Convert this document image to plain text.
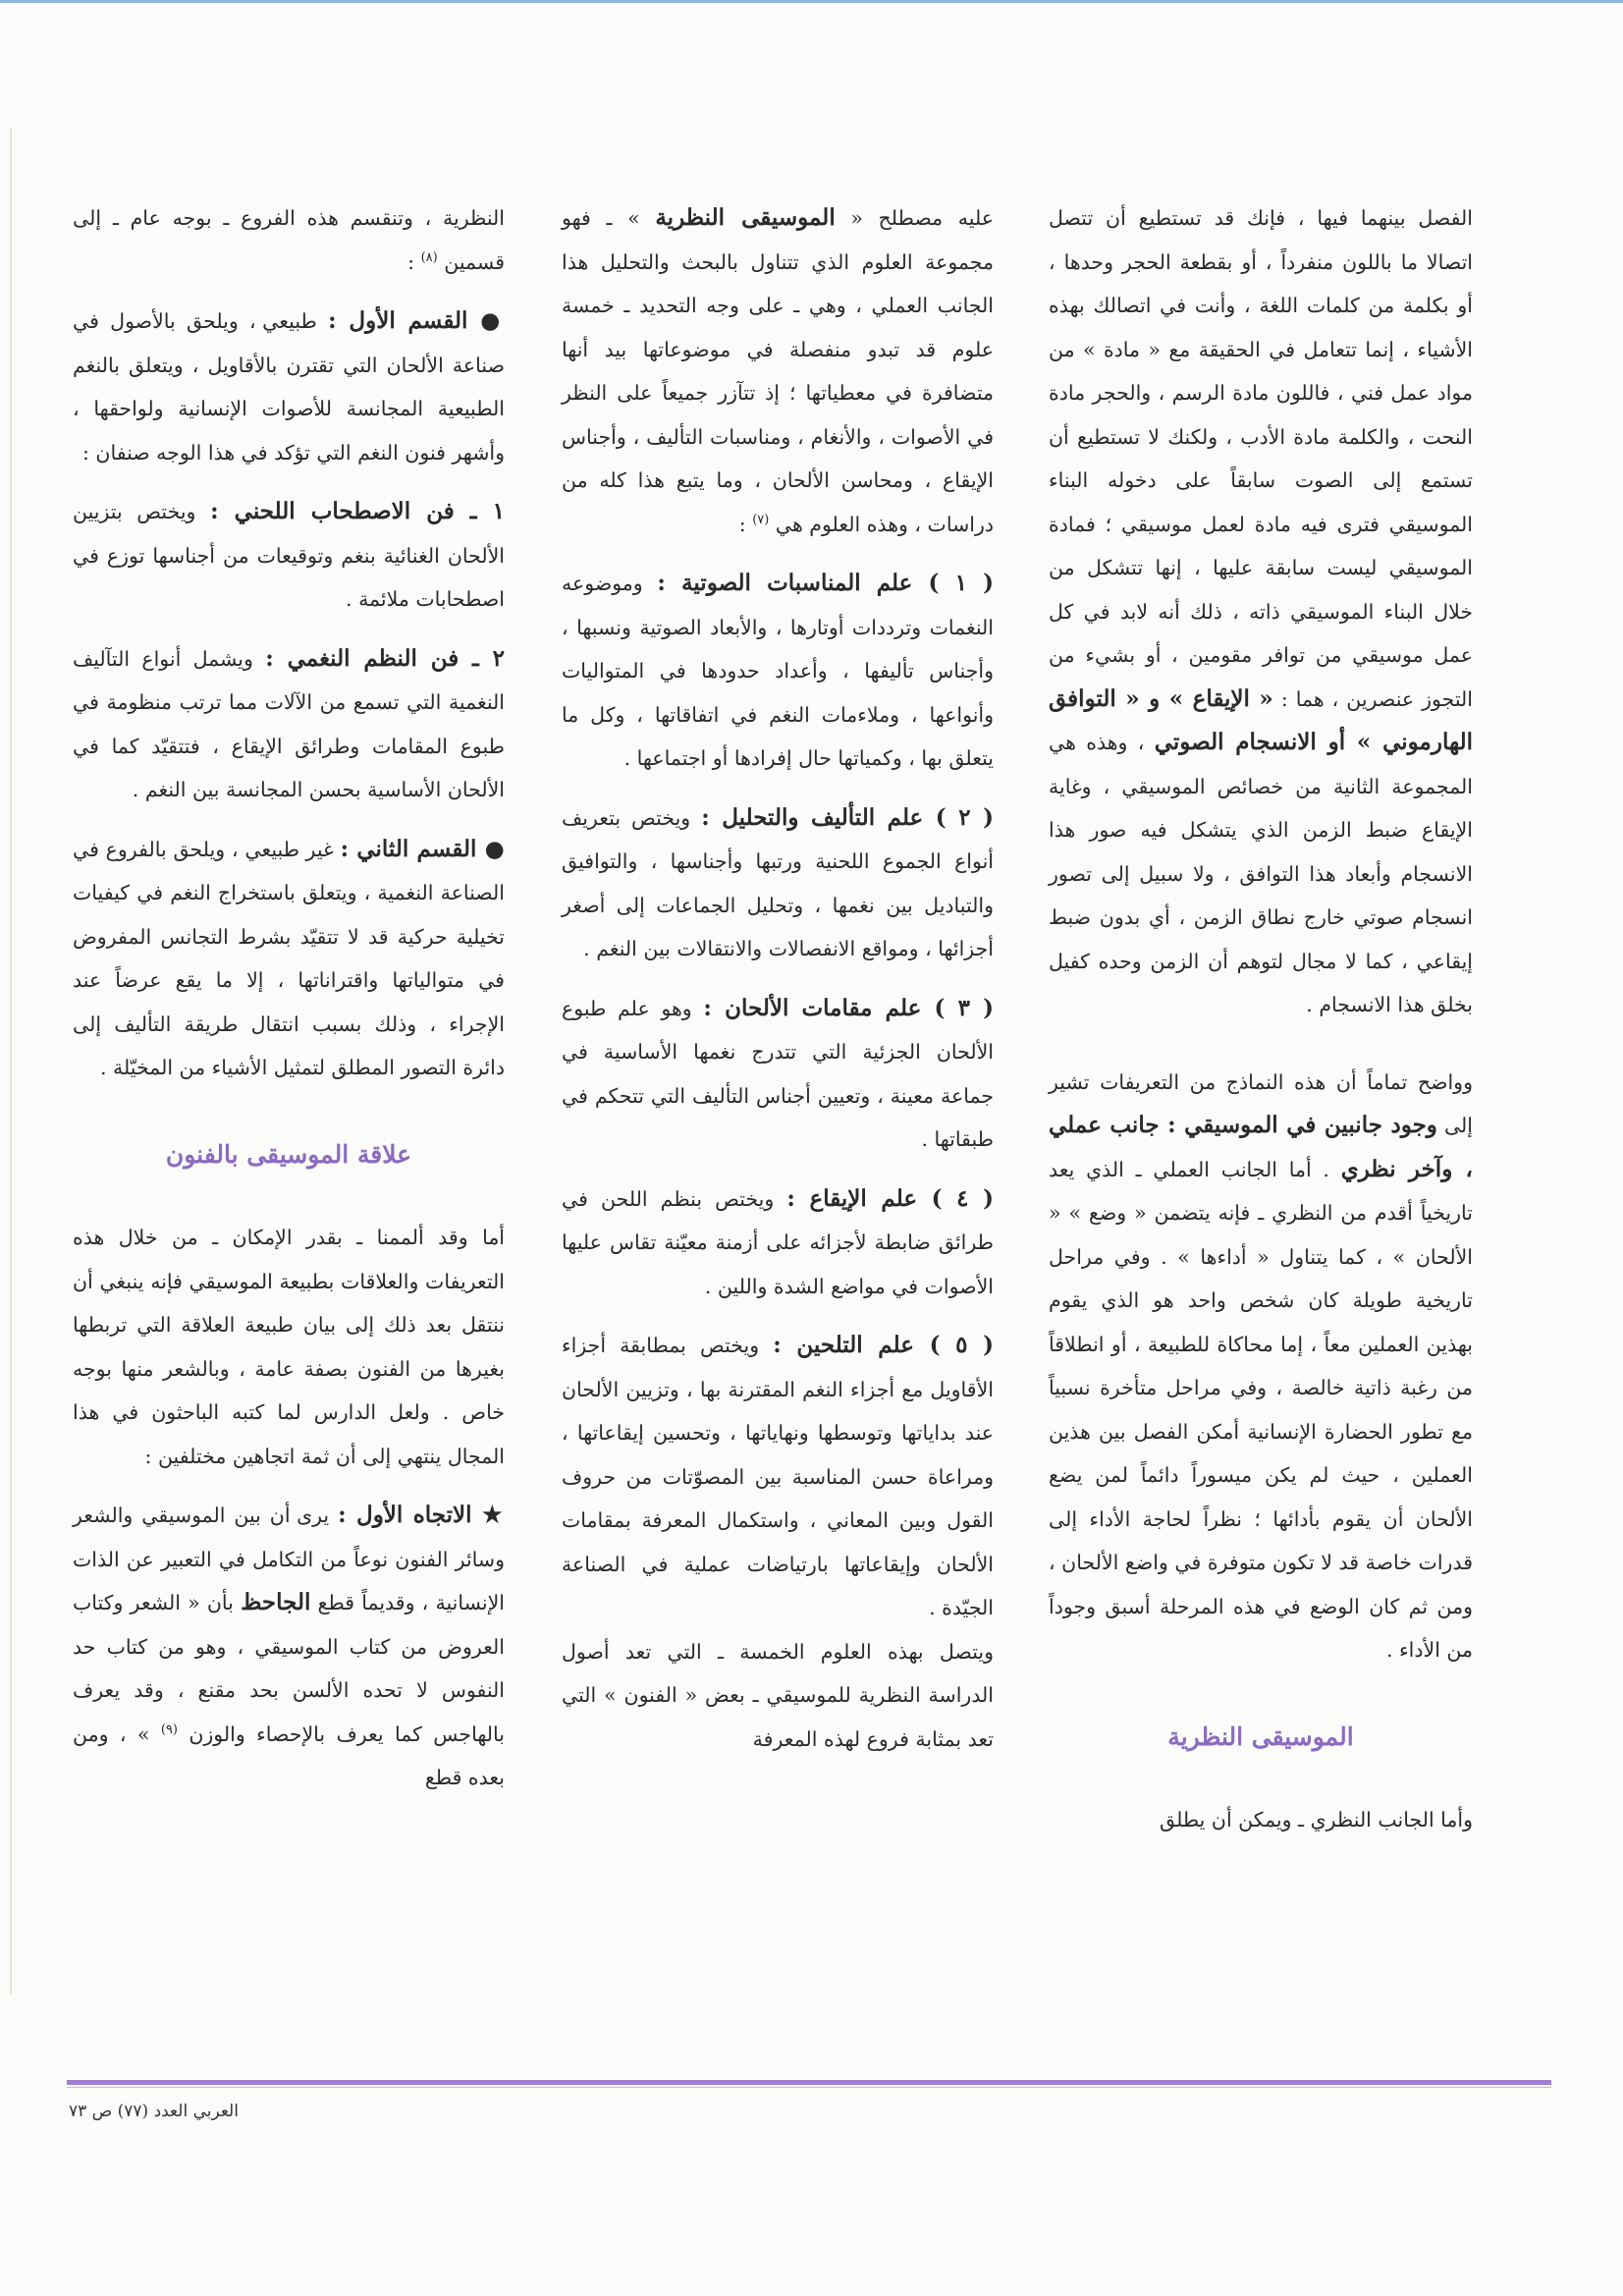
الفصل بينهما فيها ، فإنك قد تستطيع أن تتصل اتصالا ما باللون منفرداً ، أو بقطعة الحجر وحدها ، أو بكلمة من كلمات اللغة ، وأنت في اتصالك بهذه الأشياء ، إنما تتعامل في الحقيقة مع « مادة » من مواد عمل فني ، فاللون مادة الرسم ، والحجر مادة النحت ، والكلمة مادة الأدب ، ولكنك لا تستطيع أن تستمع إلى الصوت سابقاً على دخوله البناء الموسيقي فترى فيه مادة لعمل موسيقي ؛ فمادة الموسيقي ليست سابقة عليها ، إنها تتشكل من خلال البناء الموسيقي ذاته ، ذلك أنه لابد في كل عمل موسيقي من توافر مقومين ، أو بشيء من التجوز عنصرين ، هما : « الإيقاع » و « التوافق الهارموني » أو الانسجام الصوتي ، وهذه هي المجموعة الثانية من خصائص الموسيقي ، وغاية الإيقاع ضبط الزمن الذي يتشكل فيه صور هذا الانسجام وأبعاد هذا التوافق ، ولا سبيل إلى تصور انسجام صوتي خارج نطاق الزمن ، أي بدون ضبط إيقاعي ، كما لا مجال لتوهم أن الزمن وحده كفيل بخلق هذا الانسجام .

وواضح تماماً أن هذه النماذج من التعريفات تشير إلى وجود جانبين في الموسيقي : جانب عملي ، وآخر نظري . أما الجانب العملي ـ الذي يعد تاريخياً أقدم من النظري ـ فإنه يتضمن « وضع » « الألحان » ، كما يتناول « أداءها » . وفي مراحل تاريخية طويلة كان شخص واحد هو الذي يقوم بهذين العملين معاً ، إما محاكاة للطبيعة ، أو انطلاقاً من رغبة ذاتية خالصة ، وفي مراحل متأخرة نسبياً مع تطور الحضارة الإنسانية أمكن الفصل بين هذين العملين ، حيث لم يكن ميسوراً دائماً لمن يضع الألحان أن يقوم بأدائها ؛ نظراً لحاجة الأداء إلى قدرات خاصة قد لا تكون متوفرة في واضع الألحان ، ومن ثم كان الوضع في هذه المرحلة أسبق وجوداً من الأداء .

الموسيقى النظرية

وأما الجانب النظري ـ ويمكن أن يطلق

عليه مصطلح « الموسيقى النظرية » ـ فهو مجموعة العلوم الذي تتناول بالبحث والتحليل هذا الجانب العملي ، وهي ـ على وجه التحديد ـ خمسة علوم قد تبدو منفصلة في موضوعاتها بيد أنها متضافرة في معطياتها ؛ إذ تتآزر جميعاً على النظر في الأصوات ، والأنغام ، ومناسبات التأليف ، وأجناس الإيقاع ، ومحاسن الألحان ، وما يتبع هذا كله من دراسات ، وهذه العلوم هي $^{(٧)}$ :

( ١ ) علم المناسبات الصوتية : وموضوعه النغمات وترددات أوتارها ، والأبعاد الصوتية ونسبها ، وأجناس تأليفها ، وأعداد حدودها في المتواليات وأنواعها ، وملاءمات النغم في اتفاقاتها ، وكل ما يتعلق بها ، وكمياتها حال إفرادها أو اجتماعها .

( ٢ ) علم التأليف والتحليل : ويختص بتعريف أنواع الجموع اللحنية ورتبها وأجناسها ، والتوافيق والتباديل بين نغمها ، وتحليل الجماعات إلى أصغر أجزائها ، ومواقع الانفصالات والانتقالات بين النغم .

( ٣ ) علم مقامات الألحان : وهو علم طبوع الألحان الجزئية التي تتدرج نغمها الأساسية في جماعة معينة ، وتعيين أجناس التأليف التي تتحكم في طبقاتها .

( ٤ ) علم الإيقاع : ويختص بنظم اللحن في طرائق ضابطة لأجزائه على أزمنة معيّنة تقاس عليها الأصوات في مواضع الشدة واللين .

( ٥ ) علم التلحين : ويختص بمطابقة أجزاء الأقاويل مع أجزاء النغم المقترنة بها ، وتزيين الألحان عند بداياتها وتوسطها ونهاياتها ، وتحسين إيقاعاتها ، ومراعاة حسن المناسبة بين المصوّتات من حروف القول وبين المعاني ، واستكمال المعرفة بمقامات الألحان وإيقاعاتها بارتياضات عملية في الصناعة الجيّدة .

ويتصل بهذه العلوم الخمسة ـ التي تعد أصول الدراسة النظرية للموسيقي ـ بعض « الفنون » التي تعد بمثابة فروع لهذه المعرفة

النظرية ، وتنقسم هذه الفروع ـ بوجه عام ـ إلى قسمين $^{(٨)}$ :

● القسم الأول : طبيعي ، ويلحق بالأصول في صناعة الألحان التي تقترن بالأقاويل ، ويتعلق بالنغم الطبيعية المجانسة للأصوات الإنسانية ولواحقها ، وأشهر فنون النغم التي تؤكد في هذا الوجه صنفان :

١ ـ فن الاصطحاب اللحني : ويختص بتزيين الألحان الغنائية بنغم وتوقيعات من أجناسها توزع في اصطحابات ملائمة .

٢ ـ فن النظم النغمي : ويشمل أنواع التآليف النغمية التي تسمع من الآلات مما ترتب منظومة في طبوع المقامات وطرائق الإيقاع ، فتتقيّد كما في الألحان الأساسية بحسن المجانسة بين النغم .

● القسم الثاني : غير طبيعي ، ويلحق بالفروع في الصناعة النغمية ، ويتعلق باستخراج النغم في كيفيات تخيلية حركية قد لا تتقيّد بشرط التجانس المفروض في متوالياتها واقتراناتها ، إلا ما يقع عرضاً عند الإجراء ، وذلك بسبب انتقال طريقة التأليف إلى دائرة التصور المطلق لتمثيل الأشياء من المخيّلة .

علاقة الموسيقى بالفنون

أما وقد ألممنا ـ بقدر الإمكان ـ من خلال هذه التعريفات والعلاقات بطبيعة الموسيقي فإنه ينبغي أن ننتقل بعد ذلك إلى بيان طبيعة العلاقة التي تربطها بغيرها من الفنون بصفة عامة ، وبالشعر منها بوجه خاص . ولعل الدارس لما كتبه الباحثون في هذا المجال ينتهي إلى أن ثمة اتجاهين مختلفين :

★ الاتجاه الأول : يرى أن بين الموسيقي والشعر وسائر الفنون نوعاً من التكامل في التعبير عن الذات الإنسانية ، وقديماً قطع الجاحظ بأن « الشعر وكتاب العروض من كتاب الموسيقي ، وهو من كتاب حد النفوس لا تحده الألسن بحد مقنع ، وقد يعرف بالهاجس كما يعرف بالإحصاء والوزن $^{(٩)}$ » ، ومن بعده قطع

العربي العدد (٧٧) ص ٧٣
